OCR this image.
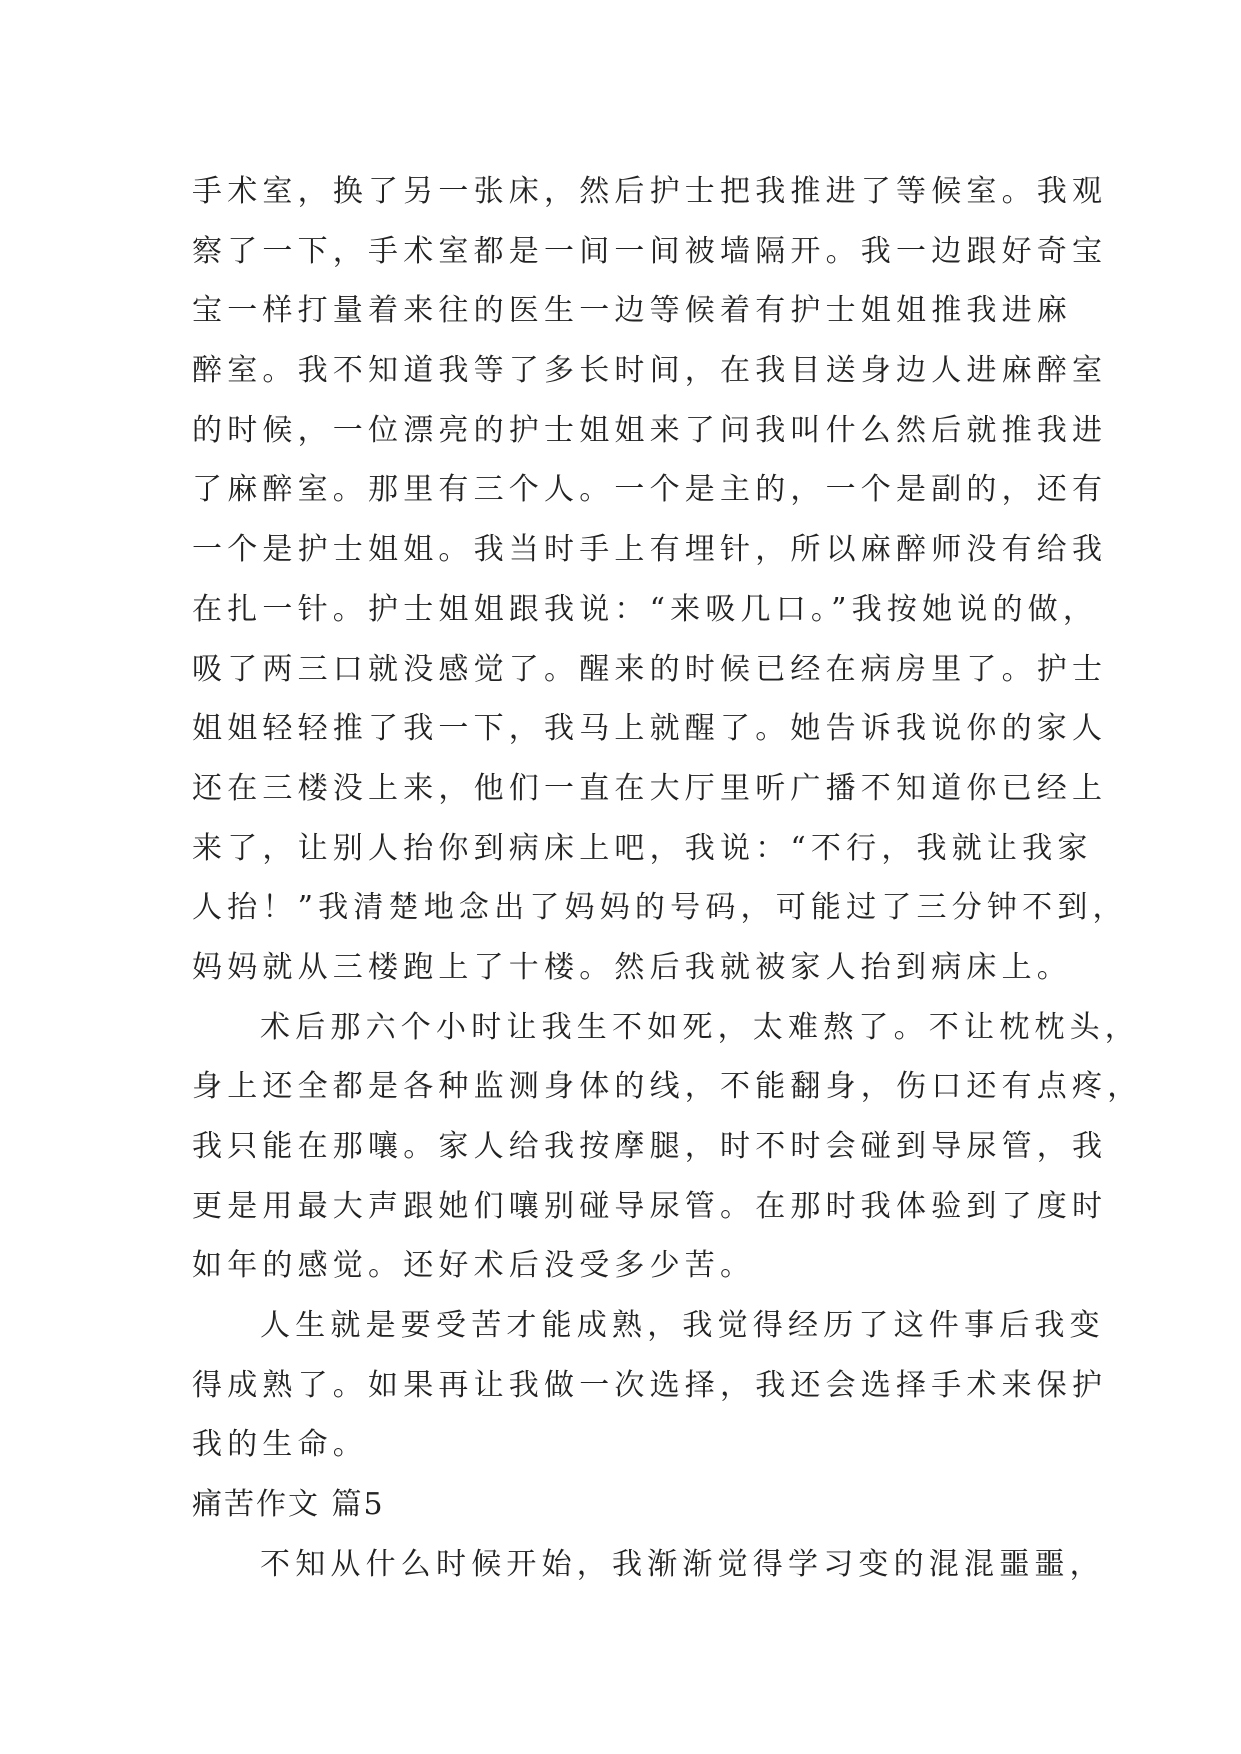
手术室，换了另一张床，然后护士把我推进了等候室。我观
察了一下，手术室都是一间一间被墙隔开。我一边跟好奇宝
宝一样打量着来往的医生一边等候着有护士姐姐推我进麻
醉室。我不知道我等了多长时间，在我目送身边人进麻醉室
的时候，一位漂亮的护士姐姐来了问我叫什么然后就推我进
了麻醉室。那里有三个人。一个是主的，一个是副的，还有
一个是护士姐姐。我当时手上有埋针，所以麻醉师没有给我
在扎一针。护士姐姐跟我说：“来吸几口。”我按她说的做，
吸了两三口就没感觉了。醒来的时候已经在病房里了。护士
姐姐轻轻推了我一下，我马上就醒了。她告诉我说你的家人
还在三楼没上来，他们一直在大厅里听广播不知道你已经上
来了，让别人抬你到病床上吧，我说：“不行，我就让我家
人抬！”我清楚地念出了妈妈的号码，可能过了三分钟不到，
妈妈就从三楼跑上了十楼。然后我就被家人抬到病床上。
术后那六个小时让我生不如死，太难熬了。不让枕枕头，
身上还全都是各种监测身体的线，不能翻身，伤口还有点疼，
我只能在那嚷。家人给我按摩腿，时不时会碰到导尿管，我
更是用最大声跟她们嚷别碰导尿管。在那时我体验到了度时
如年的感觉。还好术后没受多少苦。
人生就是要受苦才能成熟，我觉得经历了这件事后我变
得成熟了。如果再让我做一次选择，我还会选择手术来保护
我的生命。
痛苦作文 篇5
不知从什么时候开始，我渐渐觉得学习变的混混噩噩，
